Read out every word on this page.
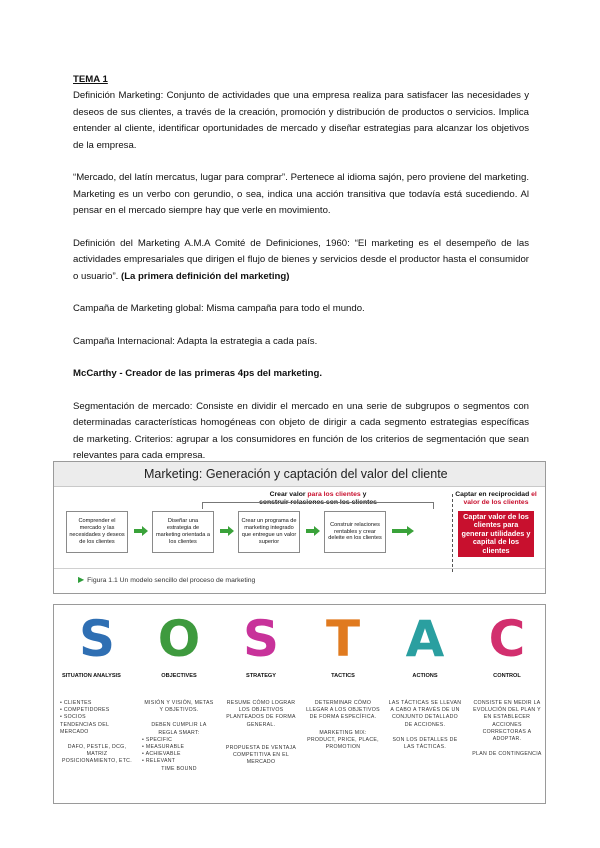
TEMA 1

Definición Marketing: Conjunto de actividades que una empresa realiza para satisfacer las necesidades y deseos de sus clientes, a través de la creación, promoción y distribución de productos o servicios. Implica entender al cliente, identificar oportunidades de mercado y diseñar estrategias para alcanzar los objetivos de la empresa.

“Mercado, del latín mercatus, lugar para comprar”. Pertenece al idioma sajón, pero proviene del marketing. Marketing es un verbo con gerundio, o sea, indica una acción transitiva que todavía está sucediendo. Al pensar en el mercado siempre hay que verle en movimiento.

Definición del Marketing A.M.A Comité de Definiciones, 1960: “El marketing es el desempeño de las actividades empresariales que dirigen el flujo de bienes y servicios desde el productor hasta el consumidor o usuario”. (La primera definición del marketing)

Campaña de Marketing global: Misma campaña para todo el mundo.

Campaña Internacional: Adapta la estrategia a cada país.

McCarthy - Creador de las primeras 4ps del marketing.

Segmentación de mercado: Consiste en dividir el mercado en una serie de subgrupos o segmentos con determinadas características homogéneas con objeto de dirigir a cada segmento estrategias específicas de marketing. Criterios: agrupar a los consumidores en función de los criterios de segmentación que sean relevantes para cada empresa.

Marketing: Generación y captación del valor del cliente
Crear valor para los clientes y
construir relaciones con los clientes
Captar en reciprocidad el
valor de los clientes
Comprender el mercado y las necesidades y deseos de los clientes
Diseñar una estrategia de marketing orientada a los clientes
Crear un programa de marketing integrado que entregue un valor superior
Construir relaciones rentables y crear deleite en los clientes
Captar valor de los clientes para generar utilidades y capital de los clientes
▶ Figura 1.1 Un modelo sencillo del proceso de marketing
S
SITUATION ANALYSIS
• CLIENTES
• COMPETIDORES
• SOCIOS
TENDENCIAS DEL MERCADO
DAFO, PESTLE, DCG, MATRIZ POSICIONAMIENTO, ETC.
O
OBJECTIVES
MISIÓN Y VISIÓN, METAS Y OBJETIVOS.
DEBEN CUMPLIR LA REGLA SMART:
• SPECIFIC
• MEASURABLE
• ACHIEVABLE
• RELEVANT
TIME BOUND
S
STRATEGY
RESUME CÓMO LOGRAR LOS OBJETIVOS PLANTEADOS DE FORMA GENERAL.
PROPUESTA DE VENTAJA COMPETITIVA EN EL MERCADO
T
TACTICS
DETERMINAR CÓMO LLEGAR A LOS OBJETIVOS DE FORMA ESPECÍFICA.
MARKETING MIX: PRODUCT, PRICE, PLACE, PROMOTION
A
ACTIONS
LAS TÁCTICAS SE LLEVAN A CABO A TRAVÉS DE UN CONJUNTO DETALLADO DE ACCIONES.
SON LOS DETALLES DE LAS TÁCTICAS.
C
CONTROL
CONSISTE EN MEDIR LA EVOLUCIÓN DEL PLAN Y EN ESTABLECER ACCIONES CORRECTORAS A ADOPTAR.
PLAN DE CONTINGENCIA
